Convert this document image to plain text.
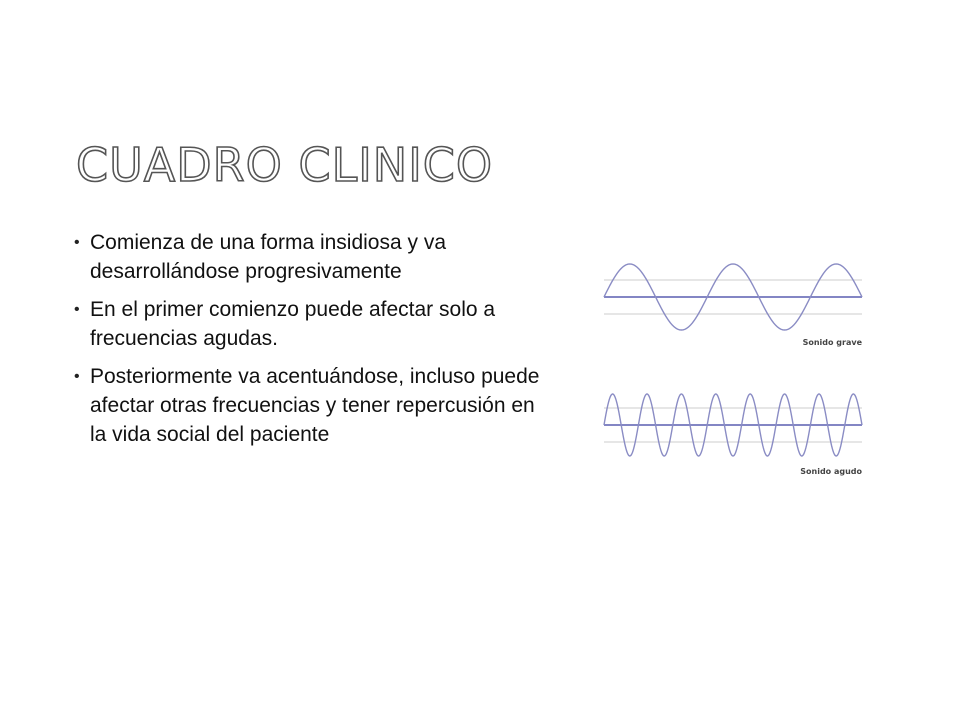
CUADRO CLINICO
• Comienza de una forma insidiosa y va desarrollándose progresivamente
• En el primer comienzo puede afectar solo a frecuencias agudas.
• Posteriormente va acentuándose, incluso puede afectar otras frecuencias y tener repercusión en la vida social del paciente
Sonido grave
Sonido agudo
